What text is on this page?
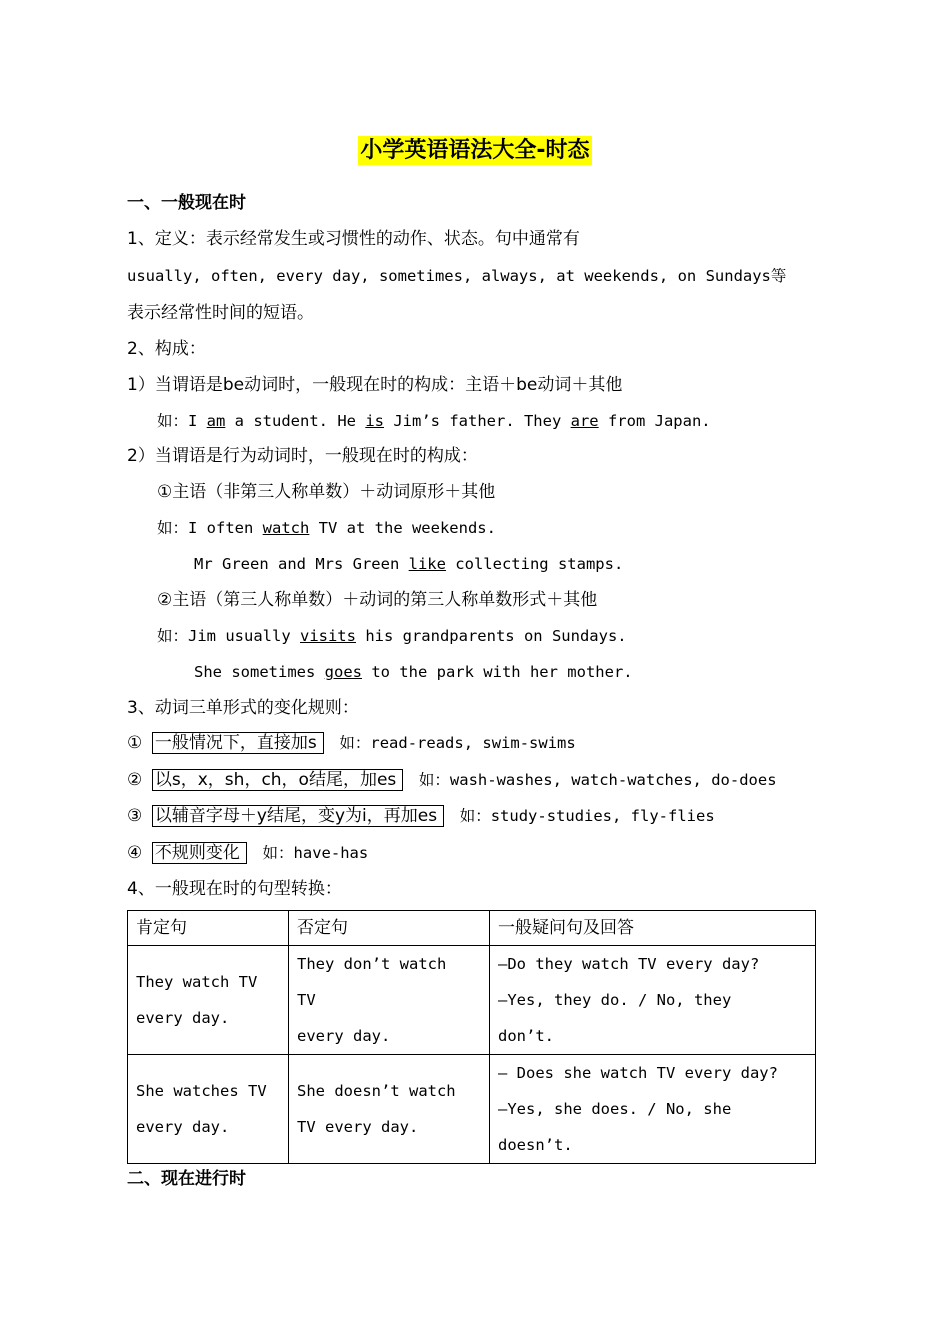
小学英语语法大全-时态
一、一般现在时
1、定义：表示经常发生或习惯性的动作、状态。句中通常有
usually, often, every day, sometimes, always, at weekends, on Sundays等
表示经常性时间的短语。
2、构成：
1）当谓语是be动词时，一般现在时的构成：主语＋be动词＋其他
如：I am a student. He is Jim’s father. They are from Japan.
2）当谓语是行为动词时，一般现在时的构成：
①主语（非第三人称单数）＋动词原形＋其他
如：I often watch TV at the weekends.
Mr Green and Mrs Green like collecting stamps.
②主语（第三人称单数）＋动词的第三人称单数形式＋其他
如：Jim usually visits his grandparents on Sundays.
She sometimes goes to the park with her mother.
3、动词三单形式的变化规则：
① 一般情况下，直接加s 如：read-reads, swim-swims
② 以s，x，sh，ch，o结尾，加es 如：wash-washes, watch-watches, do-does
③ 以辅音字母＋y结尾，变y为i，再加es 如：study-studies, fly-flies
④ 不规则变化 如：have-has
4、一般现在时的句型转换：
肯定句	否定句	一般疑问句及回答

They watch TV
every day.	They don’t watch
TV
every day.	—Do they watch TV every day?
—Yes, they do. / No, they
don’t.

She watches TV
every day.	She doesn’t watch
TV every day.	— Does she watch TV every day?
—Yes, she does. / No, she
doesn’t.
二、现在进行时
